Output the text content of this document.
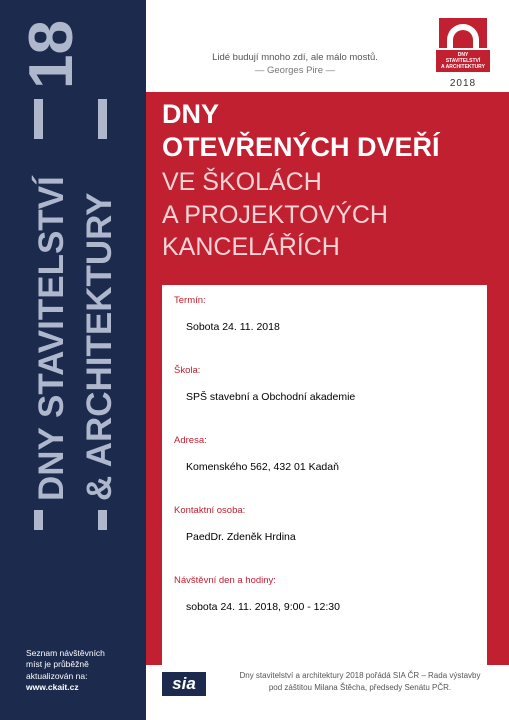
18
DNY STAVITELSTVÍ & ARCHITEKTURY
Seznam návštěvních
míst je průběžně
aktualizován na:
www.ckait.cz
Lidé budují mnoho zdí, ale málo mostů.
— Georges Pire —
DNY
STAVITELSTVÍ
A ARCHITEKTURY
2018
DNY
OTEVŘENÝCH DVEŘÍ
VE ŠKOLÁCH
A PROJEKTOVÝCH
KANCELÁŘÍCH
Termín:
Sobota 24. 11. 2018
Škola:
SPŠ stavební a Obchodní akademie
Adresa:
Komenského 562, 432 01 Kadaň
Kontaktní osoba:
PaedDr. Zdeněk Hrdina
Návštěvní den a hodiny:
sobota 24. 11. 2018, 9:00 - 12:30
sia	Dny stavitelství a architektury 2018 pořádá SIA ČR – Rada výstavby
pod záštitou Milana Štěcha, předsedy Senátu PČR.
